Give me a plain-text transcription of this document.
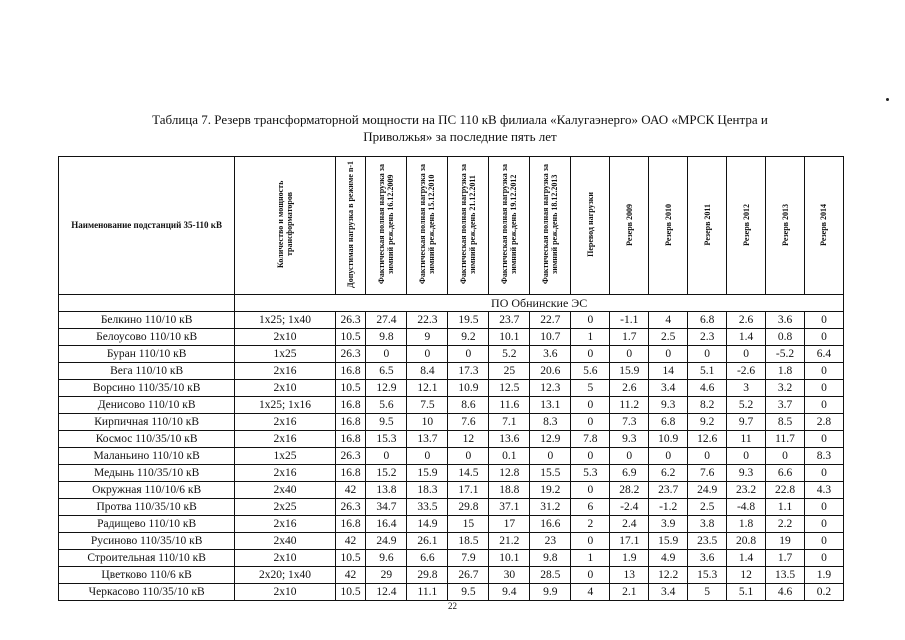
Таблица 7. Резерв трансформаторной мощности на ПС 110 кВ филиала «Калугаэнерго» ОАО «МРСК Центра и
Приволжья» за последние пять лет
Наименование подстанций 35-110 кВ	Количество и мощность трансформаторов	Допустимая нагрузка в режиме n-1	Фактическая полная нагрузка за зимний реж.день 16.12.2009	Фактическая полная нагрузка за зимний реж.день 15.12.2010	Фактическая полная нагрузка за зимний реж.день 21.12.2011	Фактическая полная нагрузка за зимний реж.день 19.12.2012	Фактическая полная нагрузка за зимний реж.день 18.12.2013	Перевод нагрузки	Резерв 2009	Резерв 2010	Резерв 2011	Резерв 2012	Резерв 2013	Резерв 2014
	ПО Обнинские ЭС													
Белкино 110/10 кВ	1x25; 1x40	26.3	27.4	22.3	19.5	23.7	22.7	0	-1.1	4	6.8	2.6	3.6	0
Белоусово 110/10 кВ	2x10	10.5	9.8	9	9.2	10.1	10.7	1	1.7	2.5	2.3	1.4	0.8	0
Буран 110/10 кВ	1x25	26.3	0	0	0	5.2	3.6	0	0	0	0	0	-5.2	6.4
Вега 110/10 кВ	2x16	16.8	6.5	8.4	17.3	25	20.6	5.6	15.9	14	5.1	-2.6	1.8	0
Ворсино 110/35/10 кВ	2x10	10.5	12.9	12.1	10.9	12.5	12.3	5	2.6	3.4	4.6	3	3.2	0
Денисово 110/10 кВ	1x25; 1x16	16.8	5.6	7.5	8.6	11.6	13.1	0	11.2	9.3	8.2	5.2	3.7	0
Кирпичная 110/10 кВ	2x16	16.8	9.5	10	7.6	7.1	8.3	0	7.3	6.8	9.2	9.7	8.5	2.8
Космос 110/35/10 кВ	2x16	16.8	15.3	13.7	12	13.6	12.9	7.8	9.3	10.9	12.6	11	11.7	0
Маланьино 110/10 кВ	1x25	26.3	0	0	0	0.1	0	0	0	0	0	0	0	8.3
Медынь 110/35/10 кВ	2x16	16.8	15.2	15.9	14.5	12.8	15.5	5.3	6.9	6.2	7.6	9.3	6.6	0
Окружная 110/10/6 кВ	2x40	42	13.8	18.3	17.1	18.8	19.2	0	28.2	23.7	24.9	23.2	22.8	4.3
Протва 110/35/10 кВ	2x25	26.3	34.7	33.5	29.8	37.1	31.2	6	-2.4	-1.2	2.5	-4.8	1.1	0
Радищево 110/10 кВ	2x16	16.8	16.4	14.9	15	17	16.6	2	2.4	3.9	3.8	1.8	2.2	0
Русиново 110/35/10 кВ	2x40	42	24.9	26.1	18.5	21.2	23	0	17.1	15.9	23.5	20.8	19	0
Строительная 110/10 кВ	2x10	10.5	9.6	6.6	7.9	10.1	9.8	1	1.9	4.9	3.6	1.4	1.7	0
Цветково 110/6 кВ	2x20; 1x40	42	29	29.8	26.7	30	28.5	0	13	12.2	15.3	12	13.5	1.9
Черкасово 110/35/10 кВ	2x10	10.5	12.4	11.1	9.5	9.4	9.9	4	2.1	3.4	5	5.1	4.6	0.2
22
